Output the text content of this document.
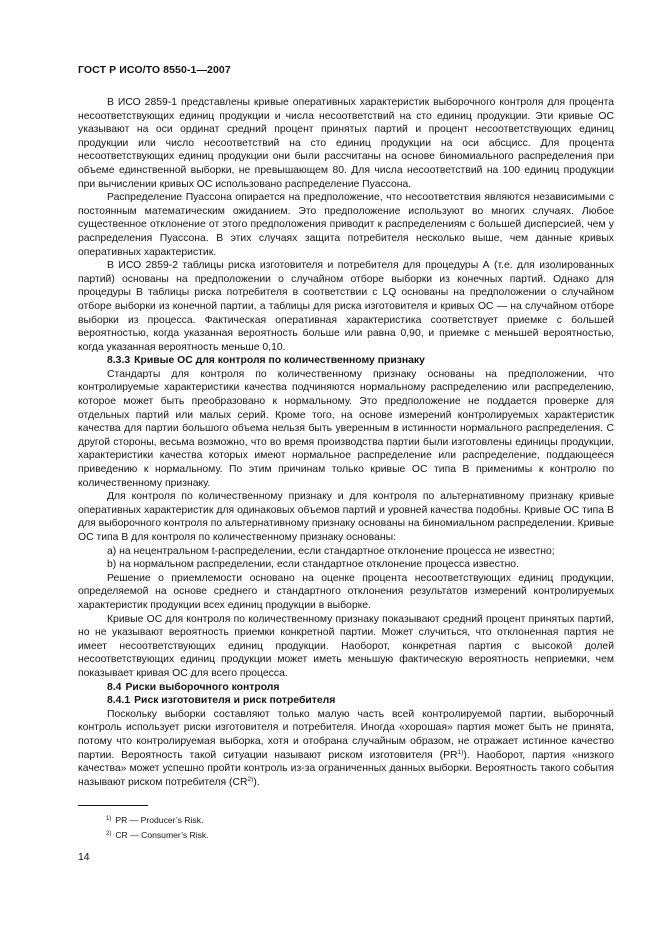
ГОСТ Р ИСО/ТО 8550-1—2007

В ИСО 2859-1 представлены кривые оперативных характеристик выборочного контроля для процента несоответствующих единиц продукции и числа несоответствий на сто единиц продукции. Эти кривые ОС указывают на оси ординат средний процент принятых партий и процент несоответствующих единиц продукции или число несоответствий на сто единиц продукции на оси абсцисс. Для процента несоответствующих единиц продукции они были рассчитаны на основе биномиального распределения при объеме единственной выборки, не превышающем 80. Для числа несоответствий на 100 единиц продукции при вычислении кривых ОС использовано распределение Пуассона.

Распределение Пуассона опирается на предположение, что несоответствия являются независимыми с постоянным математическим ожиданием. Это предположение используют во многих случаях. Любое существенное отклонение от этого предположения приводит к распределениям с большей дисперсией, чем у распределения Пуассона. В этих случаях защита потребителя несколько выше, чем данные кривых оперативных характеристик.

В ИСО 2859-2 таблицы риска изготовителя и потребителя для процедуры А (т.е. для изолированных партий) основаны на предположении о случайном отборе выборки из конечных партий. Однако для процедуры В таблицы риска потребителя в соответствии с LQ основаны на предположении о случайном отборе выборки из конечной партии, а таблицы для риска изготовителя и кривых ОС — на случайном отборе выборки из процесса. Фактическая оперативная характеристика соответствует приемке с большей вероятностью, когда указанная вероятность больше или равна 0,90, и приемке с меньшей вероятностью, когда указанная вероятность меньше 0,10.

8.3.3 Кривые ОС для контроля по количественному признаку

Стандарты для контроля по количественному признаку основаны на предположении, что контролируемые характеристики качества подчиняются нормальному распределению или распределению, которое может быть преобразовано к нормальному. Это предположение не поддается проверке для отдельных партий или малых серий. Кроме того, на основе измерений контролируемых характеристик качества для партии большого объема нельзя быть уверенным в истинности нормального распределения. С другой стороны, весьма возможно, что во время производства партии были изготовлены единицы продукции, характеристики качества которых имеют нормальное распределение или распределение, поддающееся приведению к нормальному. По этим причинам только кривые ОС типа В применимы к контролю по количественному признаку.

Для контроля по количественному признаку и для контроля по альтернативному признаку кривые оперативных характеристик для одинаковых объемов партий и уровней качества подобны. Кривые ОС типа В для выборочного контроля по альтернативному признаку основаны на биномиальном распределении. Кривые ОС типа В для контроля по количественному признаку основаны:

a) на нецентральном t-распределении, если стандартное отклонение процесса не известно;

b) на нормальном распределении, если стандартное отклонение процесса известно.

Решение о приемлемости основано на оценке процента несоответствующих единиц продукции, определяемой на основе среднего и стандартного отклонения результатов измерений контролируемых характеристик продукции всех единиц продукции в выборке.

Кривые ОС для контроля по количественному признаку показывают средний процент принятых партий, но не указывают вероятность приемки конкретной партии. Может случиться, что отклоненная партия не имеет несоответствующих единиц продукции. Наоборот, конкретная партия с высокой долей несоответствующих единиц продукции может иметь меньшую фактическую вероятность неприемки, чем показывает кривая ОС для всего процесса.

8.4 Риски выборочного контроля
8.4.1 Риск изготовителя и риск потребителя

Поскольку выборки составляют только малую часть всей контролируемой партии, выборочный контроль использует риски изготовителя и потребителя. Иногда «хорошая» партия может быть не принята, потому что контролируемая выборка, хотя и отобрана случайным образом, не отражает истинное качество партии. Вероятность такой ситуации называют риском изготовителя (PR$^{1)}$). Наоборот, партия «низкого качества» может успешно пройти контроль из-за ограниченных данных выборки. Вероятность такого события называют риском потребителя (CR$^{2)}$).

$^{1)}$ PR — Producer’s Risk.
$^{2)}$ CR — Consumer’s Risk.
14
